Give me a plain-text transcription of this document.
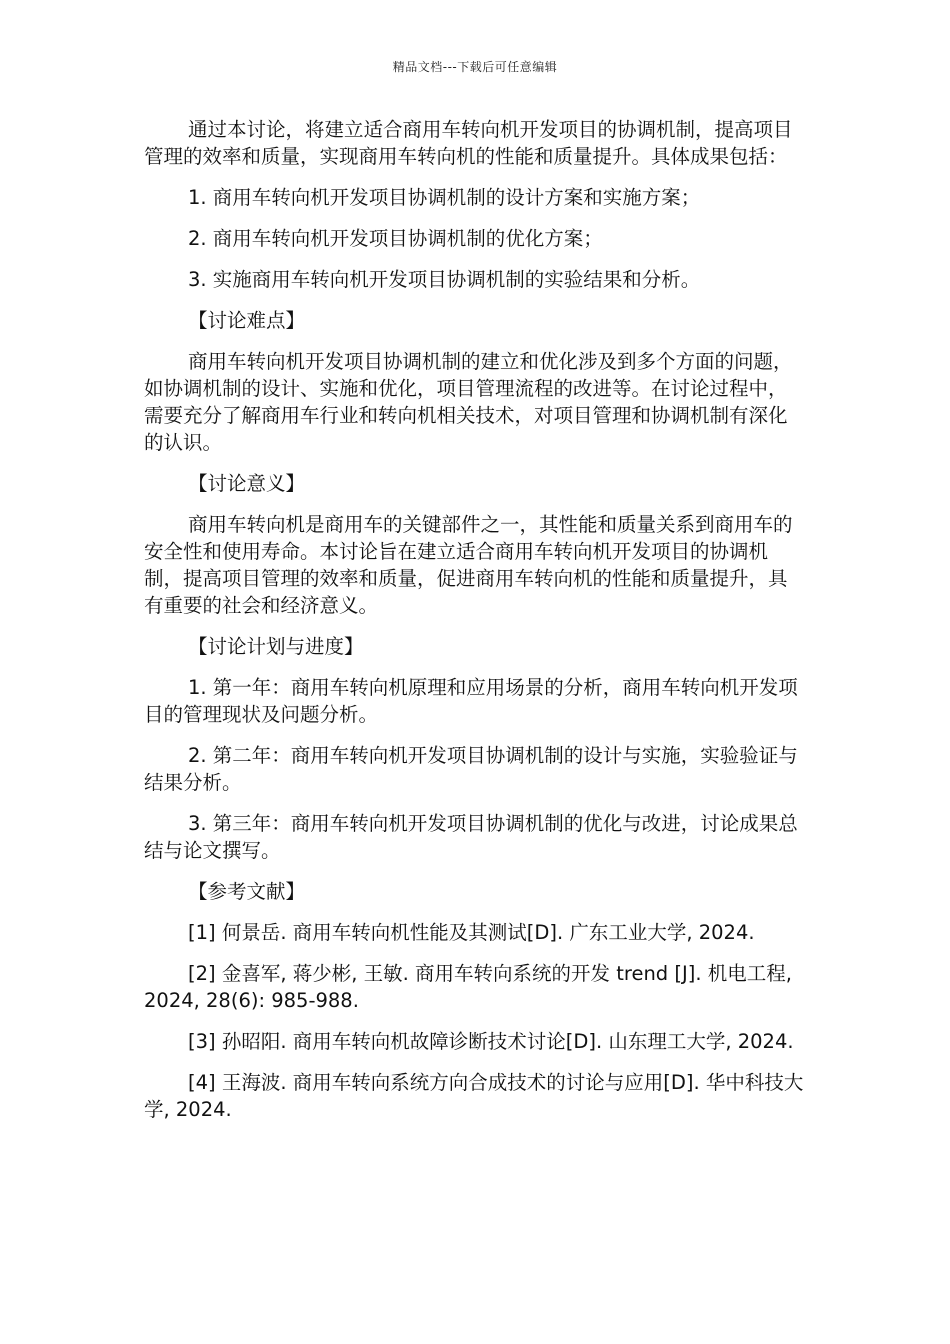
精品文档---下载后可任意编辑

通过本讨论，将建立适合商用车转向机开发项目的协调机制，提高项目管理的效率和质量，实现商用车转向机的性能和质量提升。具体成果包括：

1. 商用车转向机开发项目协调机制的设计方案和实施方案；

2. 商用车转向机开发项目协调机制的优化方案；

3. 实施商用车转向机开发项目协调机制的实验结果和分析。

【讨论难点】

商用车转向机开发项目协调机制的建立和优化涉及到多个方面的问题，如协调机制的设计、实施和优化，项目管理流程的改进等。在讨论过程中，需要充分了解商用车行业和转向机相关技术，对项目管理和协调机制有深化的认识。

【讨论意义】

商用车转向机是商用车的关键部件之一，其性能和质量关系到商用车的安全性和使用寿命。本讨论旨在建立适合商用车转向机开发项目的协调机制，提高项目管理的效率和质量，促进商用车转向机的性能和质量提升，具有重要的社会和经济意义。

【讨论计划与进度】

1. 第一年：商用车转向机原理和应用场景的分析，商用车转向机开发项目的管理现状及问题分析。

2. 第二年：商用车转向机开发项目协调机制的设计与实施，实验验证与结果分析。

3. 第三年：商用车转向机开发项目协调机制的优化与改进，讨论成果总结与论文撰写。

【参考文献】

[1] 何景岳. 商用车转向机性能及其测试[D]. 广东工业大学, 2024.

[2] 金喜军, 蒋少彬, 王敏. 商用车转向系统的开发 trend [J]. 机电工程, 2024, 28(6): 985-988.

[3] 孙昭阳. 商用车转向机故障诊断技术讨论[D]. 山东理工大学, 2024.

[4] 王海波. 商用车转向系统方向合成技术的讨论与应用[D]. 华中科技大学, 2024.
